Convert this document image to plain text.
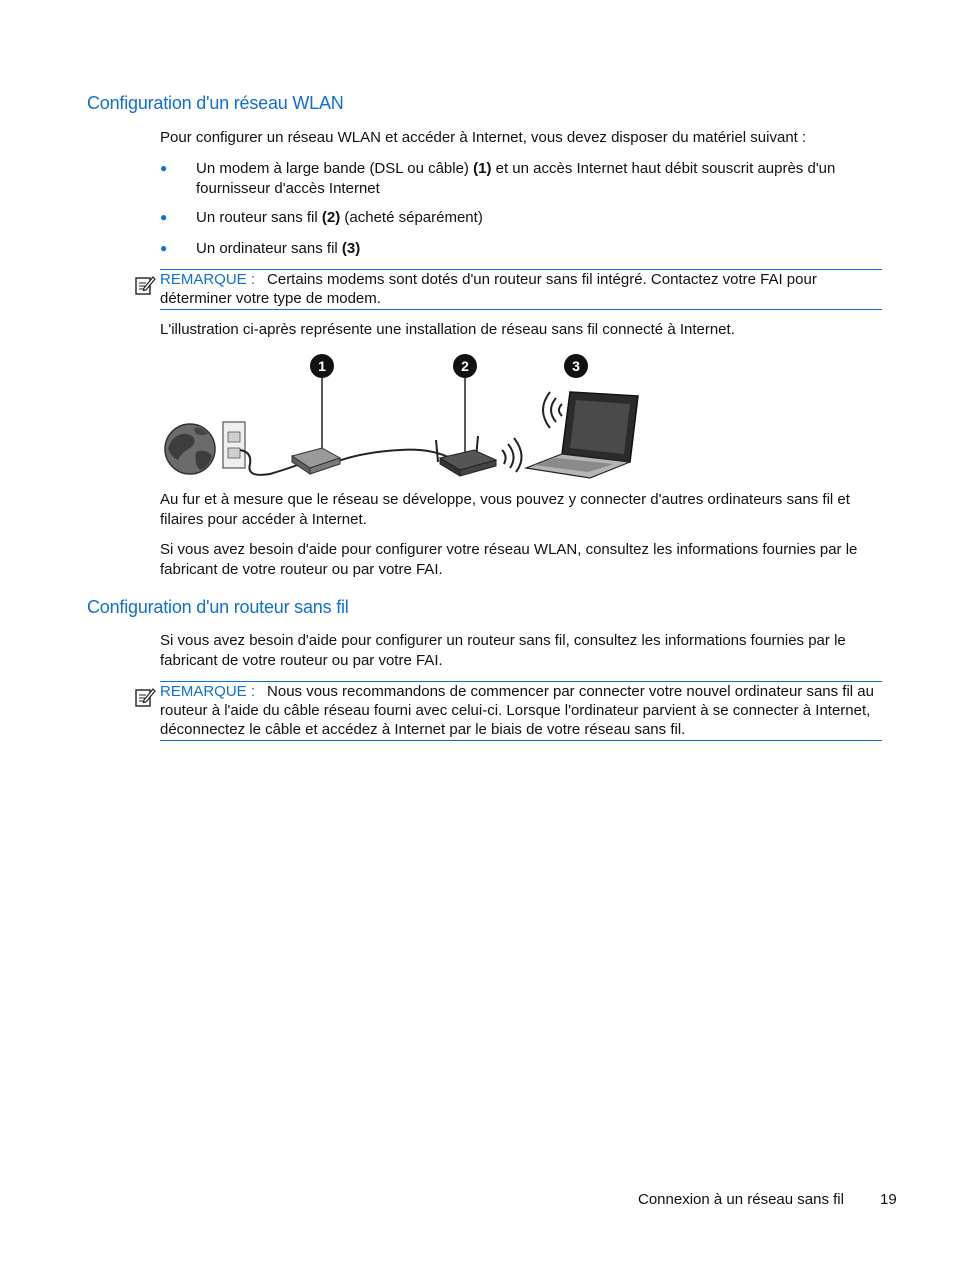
Configuration d'un réseau WLAN

Pour configurer un réseau WLAN et accéder à Internet, vous devez disposer du matériel suivant :

● Un modem à large bande (DSL ou câble) (1) et un accès Internet haut débit souscrit auprès d'un fournisseur d'accès Internet
● Un routeur sans fil (2) (acheté séparément)
● Un ordinateur sans fil (3)
REMARQUE : Certains modems sont dotés d'un routeur sans fil intégré. Contactez votre FAI pour déterminer votre type de modem.

L'illustration ci-après représente une installation de réseau sans fil connecté à Internet.

1	2	3

Au fur et à mesure que le réseau se développe, vous pouvez y connecter d'autres ordinateurs sans fil et filaires pour accéder à Internet.

Si vous avez besoin d'aide pour configurer votre réseau WLAN, consultez les informations fournies par le fabricant de votre routeur ou par votre FAI.

Configuration d'un routeur sans fil

Si vous avez besoin d'aide pour configurer un routeur sans fil, consultez les informations fournies par le fabricant de votre routeur ou par votre FAI.

REMARQUE : Nous vous recommandons de commencer par connecter votre nouvel ordinateur sans fil au routeur à l'aide du câble réseau fourni avec celui-ci. Lorsque l'ordinateur parvient à se connecter à Internet, déconnectez le câble et accédez à Internet par le biais de votre réseau sans fil.
Connexion à un réseau sans fil 19
